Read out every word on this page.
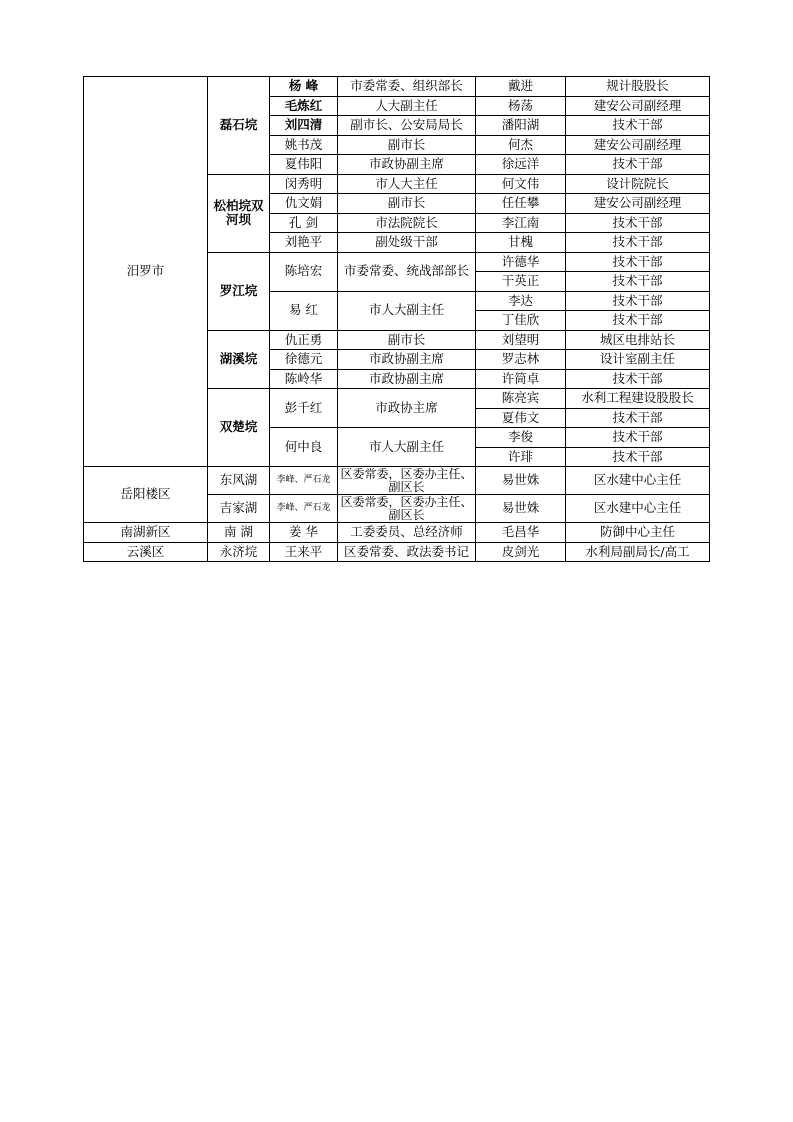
汨罗市	磊石垸	杨 峰	市委常委、组织部长	戴进	规计股股长
		毛炼红	人大副主任	杨荡	建安公司副经理
		刘四清	副市长、公安局局长	潘阳湖	技术干部
		姚书茂	副市长	何杰	建安公司副经理
		夏伟阳	市政协副主席	徐远洋	技术干部
	松柏垸双河坝	闵秀明	市人大主任	何文伟	设计院院长
		仇文娟	副市长	任任攀	建安公司副经理
		孔 剑	市法院院长	李江南	技术干部
		刘艳平	副处级干部	甘槐	技术干部
	罗江垸	陈培宏	市委常委、统战部部长	许德华	技术干部
				干英正	技术干部
		易 红	市人大副主任	李达	技术干部
				丁佳欣	技术干部
	湖溪垸	仇正勇	副市长	刘望明	城区电排站长
		徐德元	市政协副主席	罗志林	设计室副主任
		陈岭华	市政协副主席	许简卓	技术干部
	双楚垸	彭千红	市政协主席	陈亮宾	水利工程建设股股长
				夏伟文	技术干部
		何中良	市人大副主任	李俊	技术干部
				许琲	技术干部
岳阳楼区	东风湖	李峰、严石龙	区委常委，区委办主任、副区长	易世姝	区水建中心主任
	吉家湖	李峰、严石龙	区委常委，区委办主任、副区长	易世姝	区水建中心主任
南湖新区	南 湖	姜 华	工委委员、总经济师	毛昌华	防御中心主任
云溪区	永济垸	王来平	区委常委、政法委书记	皮剑光	水利局副局长/高工
